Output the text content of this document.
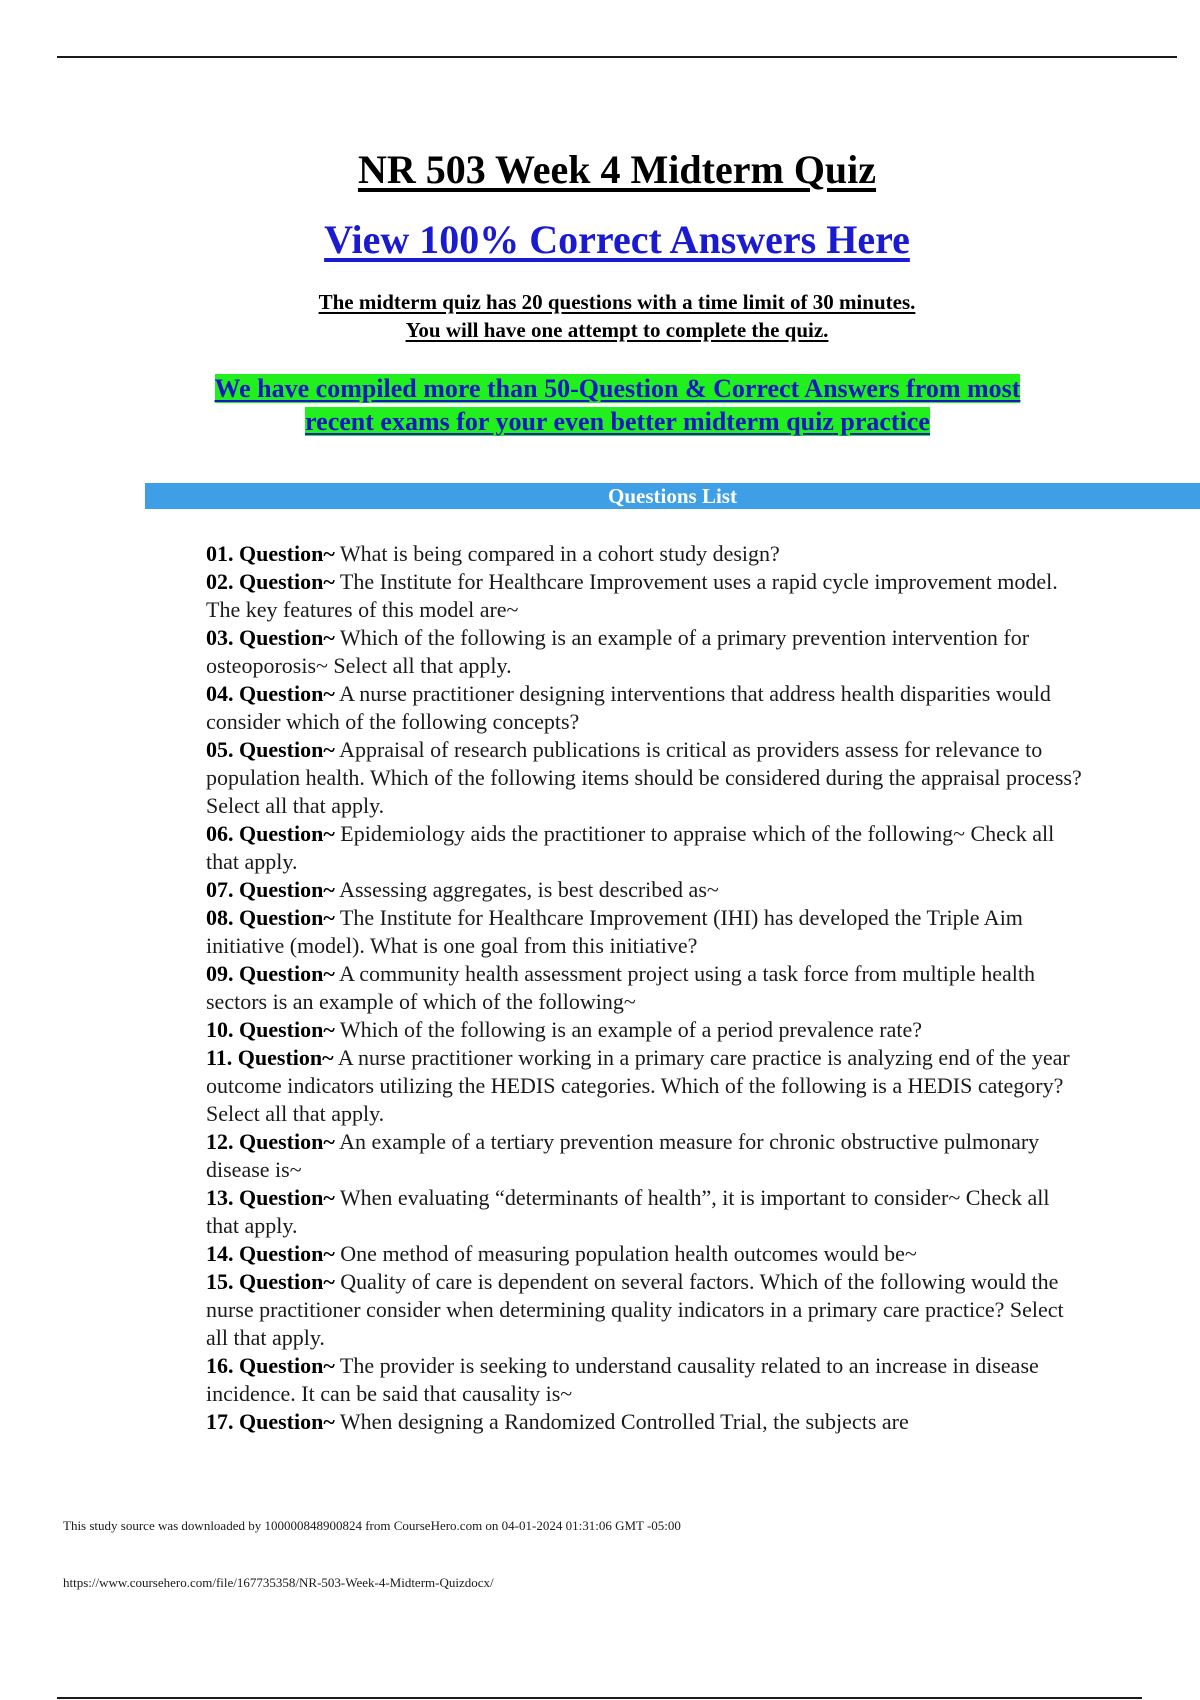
NR 503 Week 4 Midterm Quiz
View 100% Correct Answers Here
The midterm quiz has 20 questions with a time limit of 30 minutes.
You will have one attempt to complete the quiz.
We have compiled more than 50-Question & Correct Answers from most
recent exams for your even better midterm quiz practice
Questions List

01. Question~ What is being compared in a cohort study design?

02. Question~ The Institute for Healthcare Improvement uses a rapid cycle improvement model. The key features of this model are~

03. Question~ Which of the following is an example of a primary prevention intervention for osteoporosis~ Select all that apply.

04. Question~ A nurse practitioner designing interventions that address health disparities would consider which of the following concepts?

05. Question~ Appraisal of research publications is critical as providers assess for relevance to population health. Which of the following items should be considered during the appraisal process? Select all that apply.

06. Question~ Epidemiology aids the practitioner to appraise which of the following~ Check all that apply.

07. Question~ Assessing aggregates, is best described as~

08. Question~ The Institute for Healthcare Improvement (IHI) has developed the Triple Aim initiative (model). What is one goal from this initiative?

09. Question~ A community health assessment project using a task force from multiple health sectors is an example of which of the following~

10. Question~ Which of the following is an example of a period prevalence rate?

11. Question~ A nurse practitioner working in a primary care practice is analyzing end of the year outcome indicators utilizing the HEDIS categories. Which of the following is a HEDIS category? Select all that apply.

12. Question~ An example of a tertiary prevention measure for chronic obstructive pulmonary disease is~

13. Question~ When evaluating “determinants of health”, it is important to consider~ Check all that apply.

14. Question~ One method of measuring population health outcomes would be~

15. Question~ Quality of care is dependent on several factors. Which of the following would the nurse practitioner consider when determining quality indicators in a primary care practice? Select all that apply.

16. Question~ The provider is seeking to understand causality related to an increase in disease incidence. It can be said that causality is~

17. Question~ When designing a Randomized Controlled Trial, the subjects are

This study source was downloaded by 100000848900824 from CourseHero.com on 04-01-2024 01:31:06 GMT -05:00
https://www.coursehero.com/file/167735358/NR-503-Week-4-Midterm-Quizdocx/
